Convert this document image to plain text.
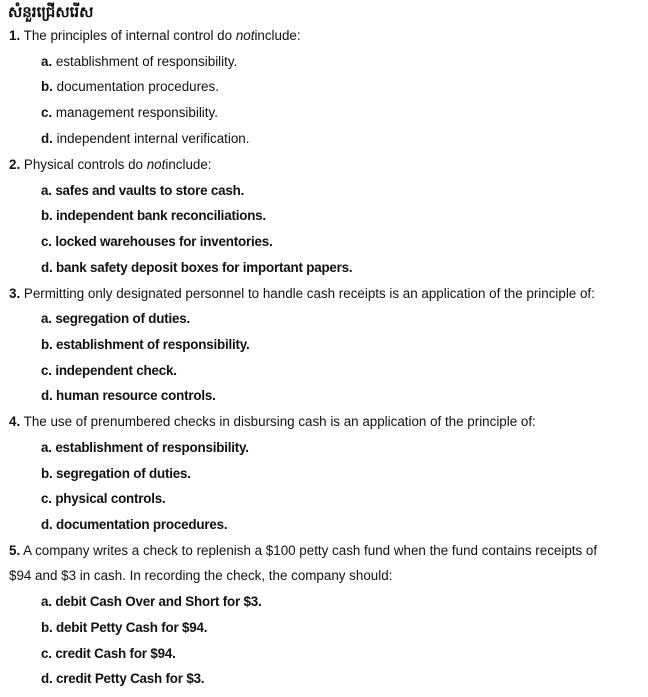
សំនួរជ្រើសរើស
1. The principles of internal control do notinclude:
a. establishment of responsibility.
b. documentation procedures.
c. management responsibility.
d. independent internal verification.
2. Physical controls do notinclude:
a. safes and vaults to store cash.
b. independent bank reconciliations.
c. locked warehouses for inventories.
d. bank safety deposit boxes for important papers.
3. Permitting only designated personnel to handle cash receipts is an application of the principle of:
a. segregation of duties.
b. establishment of responsibility.
c. independent check.
d. human resource controls.
4. The use of prenumbered checks in disbursing cash is an application of the principle of:
a. establishment of responsibility.
b. segregation of duties.
c. physical controls.
d. documentation procedures.
5. A company writes a check to replenish a $100 petty cash fund when the fund contains receipts of
$94 and $3 in cash. In recording the check, the company should:
a. debit Cash Over and Short for $3.
b. debit Petty Cash for $94.
c. credit Cash for $94.
d. credit Petty Cash for $3.
